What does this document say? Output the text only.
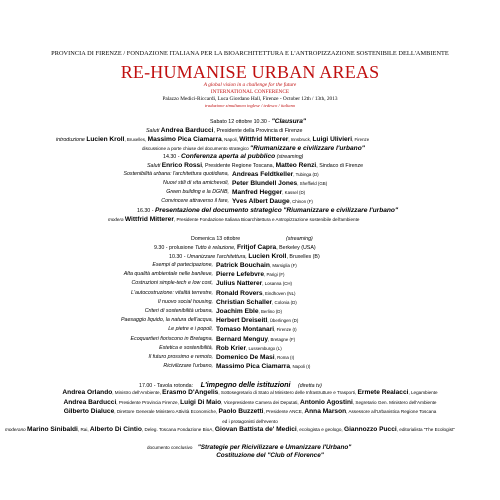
PROVINCIA DI FIRENZE / FONDAZIONE ITALIANA PER LA BIOARCHITETTURA E L'ANTROPIZZAZIONE SOSTENIBILE DELL'AMBIENTE
RE-HUMANISE URBAN AREAS
A global vision in a challenge for the future
INTERNATIONAL CONFERENCE
Palazzo Medici-Riccardi, Luca Giordano Hall, Firenze - October 12th / 13th, 2013
traduzione simultanea inglese / tedesco / italiano
Sabato 12 ottobre 10.30 - "Clausura"
Saluti Andrea Barducci, Presidente della Provincia di Firenze
introduzione Lucien Kroll, Bruxelles, Massimo Pica Ciamarra, Napoli, Wittfrid Mitterer, Innsbruck, Luigi Ulivieri, Firenze
discussione a porte chiuse del documento strategico "Riumanizzare e civilizzare l'urbano"
14.30 - Conferenza aperta al pubblico (streaming)
Saluti Enrico Rossi, Presidente Regione Toscana, Matteo Renzi, Sindaco di Firenze
Sostenibilità urbana: l'architettura quotidiana, Andreas Feldtkeller, Tubinga (D)
Nuovi stili di vita amichevoli, Peter Blundell Jones, Sheffield (GB)
Green building e la DGNB, Manfred Hegger, Kassel (D)
Convincere attraverso il fare, Yves Albert Dauge, Chinon (F)
16.30 - Presentazione del documento strategico "Riumanizzare e civilizzare l'urbano"
modera Wittfrid Mitterer, Presidente Fondazione Italiana Bioarchitettura e Antropizzazione sostenibile dell'ambiente
Domenica 13 ottobre	(streaming)
9.30 - prolusione Tutto è relazione, Fritjof Capra, Berkeley (USA)
10.30 - Umanizzare l'architettura, Lucien Kroll, Bruxelles (B)
Esempi di partecipazione, Patrick Bouchain, Marsiglia (F)
Alta qualità ambientale nelle banlieue, Pierre Lefebvre, Parigi (F)
Costruzioni simple-tech e low cost, Julius Natterer, Losanna (CH)
L'autocostruzione: vitalità terrestre, Ronald Rovers, Eindhoven (NL)
Il nuovo social housing, Christian Schaller, Colonia (D)
Criteri di sostenibilità urbana, Joachim Eble, Berlino (D)
Paesaggio liquido, la natura dell'acqua, Herbert Dreiseitl, Überlingen (D)
Le pietre e i popoli, Tomaso Montanari, Firenze (I)
Ecoquartieri fioriscono in Bretagna, Bernard Menguy, Bretagne (F)
Estetica e sostenibilità, Rob Krier, Lussemburgo (L)
Il futuro prossimo e remoto, Domenico De Masi, Roma (I)
Ricivilizzare l'urbano, Massimo Pica Ciamarra, Napoli (I)
17.00 - Tavola rotonda: L'impegno delle istituzioni (diretta tv)
Andrea Orlando, Ministro dell'Ambiente, Erasmo D'Angelis, Sottosegretario di Stato al Ministero delle Infrastrutture e Trasporti, Ermete Realacci, Legambiente
Andrea Barducci, Presidente Provincia Firenze, Luigi Di Maio, Vicepresidente Camera dei Deputati, Antonio Agostini, Segretario Gen. Ministero dell'Ambiente
Gilberto Dialuce, Direttore Generale Ministero Attività Economiche, Paolo Buzzetti, Presidente ANCE, Anna Marson, Assessore all'Urbanistica Regione Toscana
ed i protagonisti dell'evento
moderano Marino Sinibaldi, Rai, Alberto Di Cintio, Deleg. Toscana Fondazione BioA, Giovan Battista de' Medici, ecologista e geologo, Giannozzo Pucci, editorialista "The Ecologist"
documento conclusivo "Strategie per Ricivilizzare e Umanizzare l'Urbano"
Costituzione del "Club of Florence"
